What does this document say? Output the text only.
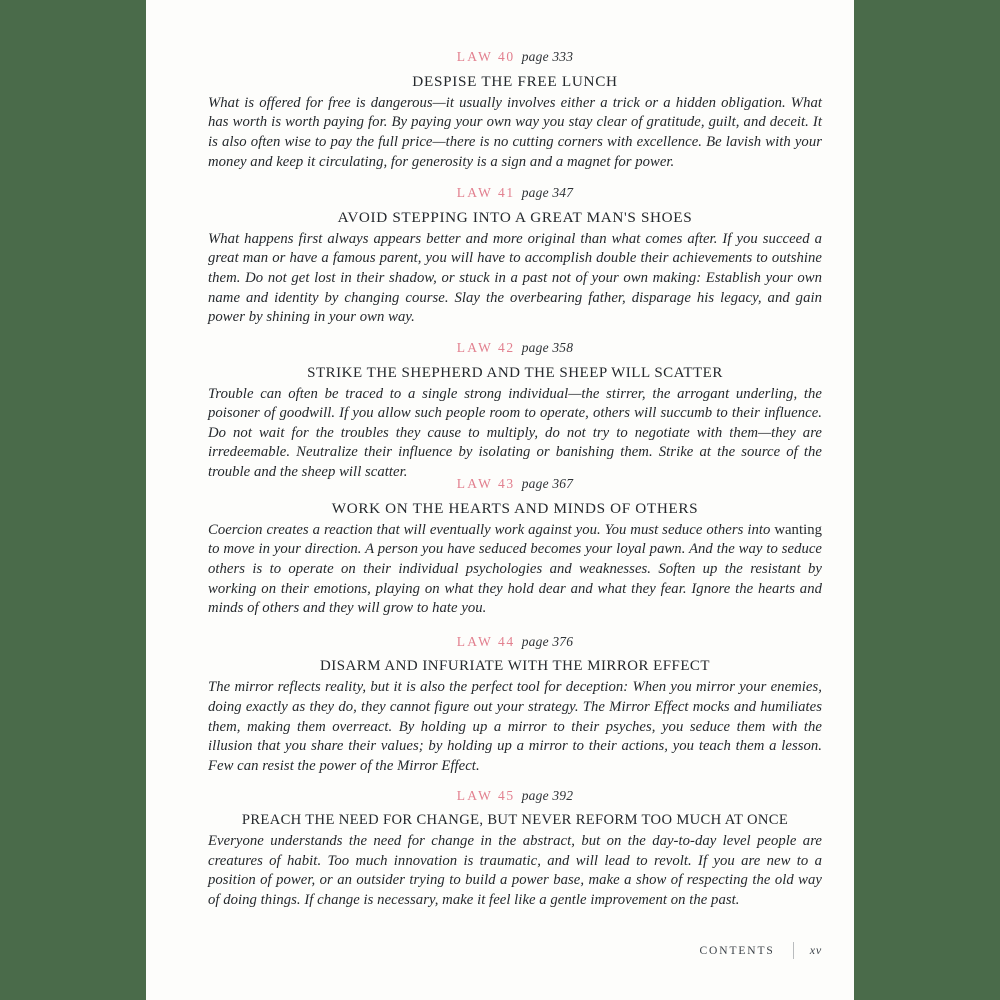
LAW 40 page 333
DESPISE THE FREE LUNCH

What is offered for free is dangerous—it usually involves either a trick or a hidden obligation. What has worth is worth paying for. By paying your own way you stay clear of gratitude, guilt, and deceit. It is also often wise to pay the full price—there is no cutting corners with excellence. Be lavish with your money and keep it circulating, for generosity is a sign and a magnet for power.

LAW 41 page 347
AVOID STEPPING INTO A GREAT MAN'S SHOES

What happens first always appears better and more original than what comes after. If you succeed a great man or have a famous parent, you will have to accomplish double their achievements to outshine them. Do not get lost in their shadow, or stuck in a past not of your own making: Establish your own name and identity by changing course. Slay the overbearing father, disparage his legacy, and gain power by shining in your own way.

LAW 42 page 358
STRIKE THE SHEPHERD AND THE SHEEP WILL SCATTER

Trouble can often be traced to a single strong individual—the stirrer, the arrogant underling, the poisoner of goodwill. If you allow such people room to operate, others will succumb to their influence. Do not wait for the troubles they cause to multiply, do not try to negotiate with them—they are irredeemable. Neutralize their influence by isolating or banishing them. Strike at the source of the trouble and the sheep will scatter.

LAW 43 page 367
WORK ON THE HEARTS AND MINDS OF OTHERS

Coercion creates a reaction that will eventually work against you. You must seduce others into wanting to move in your direction. A person you have seduced becomes your loyal pawn. And the way to seduce others is to operate on their individual psychologies and weaknesses. Soften up the resistant by working on their emotions, playing on what they hold dear and what they fear. Ignore the hearts and minds of others and they will grow to hate you.

LAW 44 page 376
DISARM AND INFURIATE WITH THE MIRROR EFFECT

The mirror reflects reality, but it is also the perfect tool for deception: When you mirror your enemies, doing exactly as they do, they cannot figure out your strategy. The Mirror Effect mocks and humiliates them, making them overreact. By holding up a mirror to their psyches, you seduce them with the illusion that you share their values; by holding up a mirror to their actions, you teach them a lesson. Few can resist the power of the Mirror Effect.

LAW 45 page 392
PREACH THE NEED FOR CHANGE, BUT NEVER REFORM TOO MUCH AT ONCE

Everyone understands the need for change in the abstract, but on the day-to-day level people are creatures of habit. Too much innovation is traumatic, and will lead to revolt. If you are new to a position of power, or an outsider trying to build a power base, make a show of respecting the old way of doing things. If change is necessary, make it feel like a gentle improvement on the past.

CONTENTS	xv
